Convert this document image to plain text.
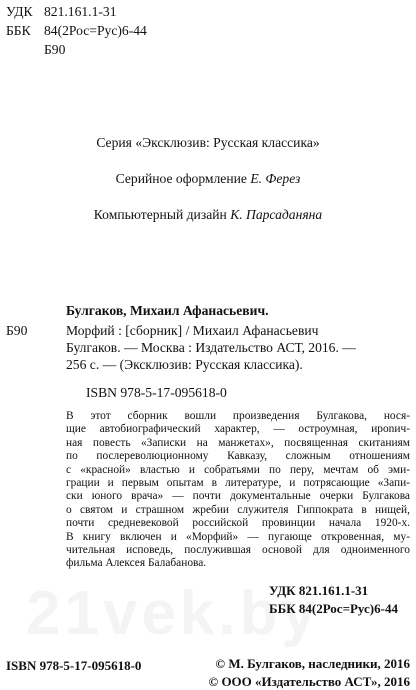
УДК 821.161.1-31
ББК 84(2Рос=Рус)6-44
Б90
Серия «Эксклюзив: Русская классика»
Серийное оформление Е. Ферез
Компьютерный дизайн К. Парсаданяна
Булгаков, Михаил Афанасьевич.
Б90	Морфий : [сборник] / Михаил Афанасьевич
Булгаков. — Москва : Издательство АСТ, 2016. —
256 с. — (Эксклюзив: Русская классика).
ISBN 978-5-17-095618-0
В этот сборник вошли произведения Булгакова, нося-
щие автобиографический характер, — остроумная, ирonич-
ная повесть «Записки на манжетах», посвященная скитаниям
по послереволюционному Кавказу, сложным отношениям
с «красной» властью и собратьями по перу, мечтам об эми-
грации и первым опытам в литературе, и потрясающие «Запи-
ски юного врача» — почти документальные очерки Булгакова
о святом и страшном жребии служителя Гиппократа в нищей,
почти средневековой российской провинции начала 1920-х.
В книгу включен и «Морфий» — пугающе откровенная, му-
чительная исповедь, послужившая основой для одноименного
фильма Алексея Балабанова.
УДК 821.161.1-31
ББК 84(2Рос=Рус)6-44
ISBN 978-5-17-095618-0	© М. Булгаков, наследники, 2016
© ООО «Издательство АСТ», 2016
